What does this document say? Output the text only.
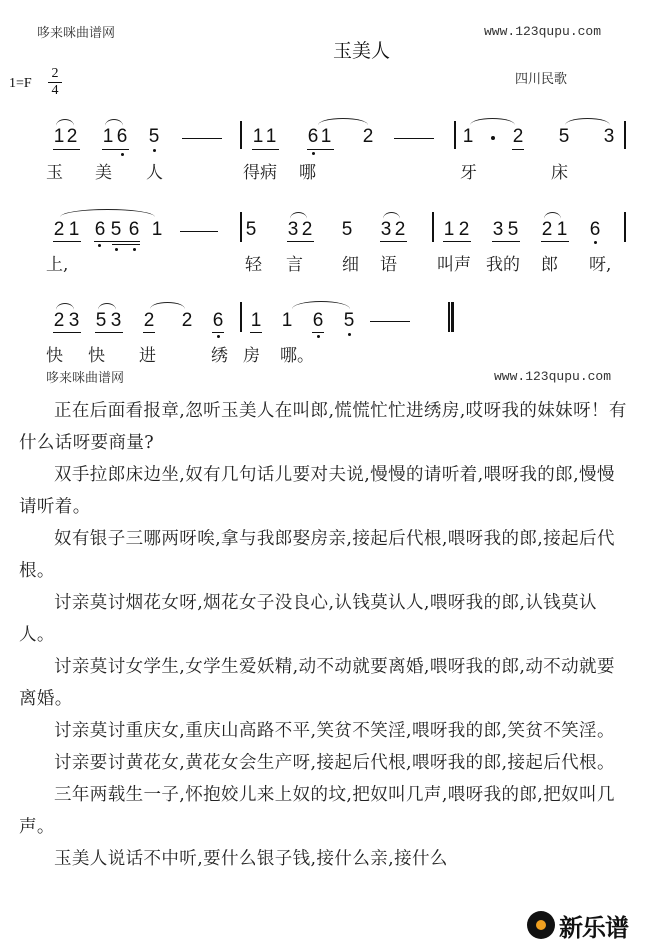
哆来咪曲谱网	www.123qupu.com
玉美人
1=F
2
4
四川民歌
1 2 1 6 5	1 1 6 1 2	1 2 5 3
玉 美 人	得病 哪	牙	床
2 1 6 5 6 1	5 3 2 5 3 2 1 2 3 5 2 1 6
上,	轻 言 细 语 叫声 我的 郎 呀,
2 3 5 3 2 2 6 1 1 6 5
快 快 进	绣 房 哪。
哆来咪曲谱网	www.123qupu.com

正在后面看报章,忽听玉美人在叫郎,慌慌忙忙进绣房,哎呀我的妹妹呀！有什么话呀要商量?

双手拉郎床边坐,奴有几句话儿要对夫说,慢慢的请听着,喂呀我的郎,慢慢请听着。

奴有银子三哪两呀唉,拿与我郎娶房亲,接起后代根,喂呀我的郎,接起后代根。

讨亲莫讨烟花女呀,烟花女子没良心,认钱莫认人,喂呀我的郎,认钱莫认人。

讨亲莫讨女学生,女学生爱妖精,动不动就要离婚,喂呀我的郎,动不动就要离婚。

讨亲莫讨重庆女,重庆山高路不平,笑贫不笑淫,喂呀我的郎,笑贫不笑淫。

讨亲要讨黄花女,黄花女会生产呀,接起后代根,喂呀我的郎,接起后代根。

三年两载生一子,怀抱姣儿来上奴的坟,把奴叫几声,喂呀我的郎,把奴叫几声。

玉美人说话不中听,要什么银子钱,接什么亲,接什么

新乐谱
